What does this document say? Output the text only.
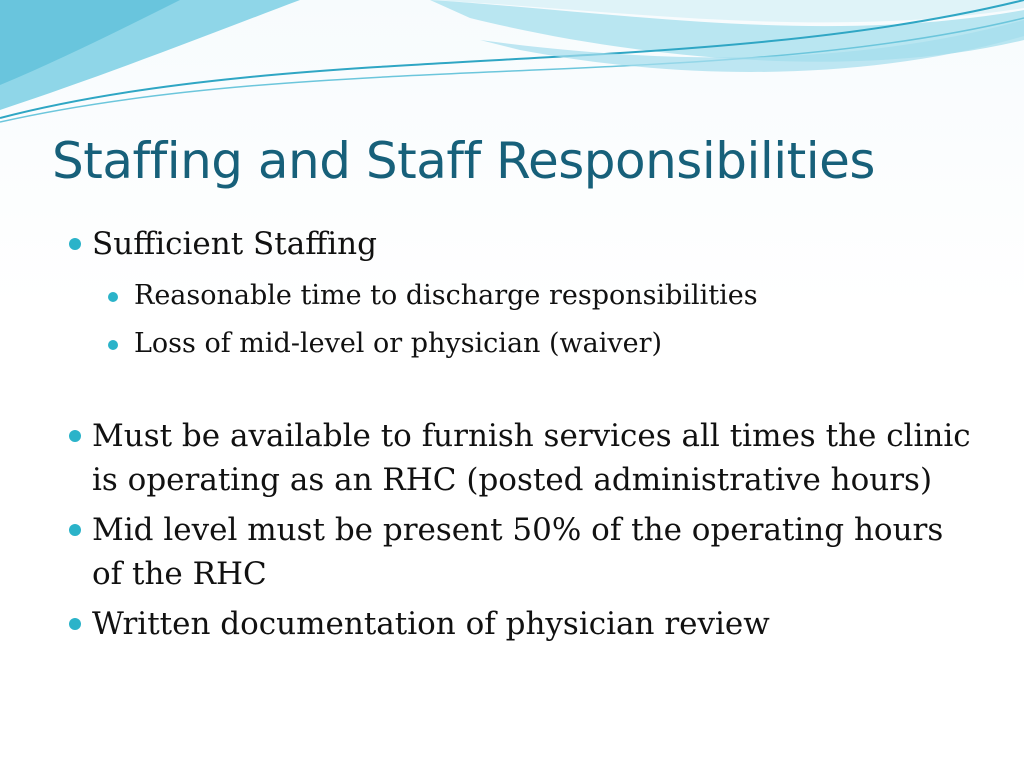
Staffing and Staff Responsibilities
Sufficient Staffing
Reasonable time to discharge responsibilities
Loss of mid-level or physician (waiver)
Must be available to furnish services all times the clinic is operating as an RHC (posted administrative hours)
Mid level must be present 50% of the operating hours of the RHC
Written documentation of physician review
